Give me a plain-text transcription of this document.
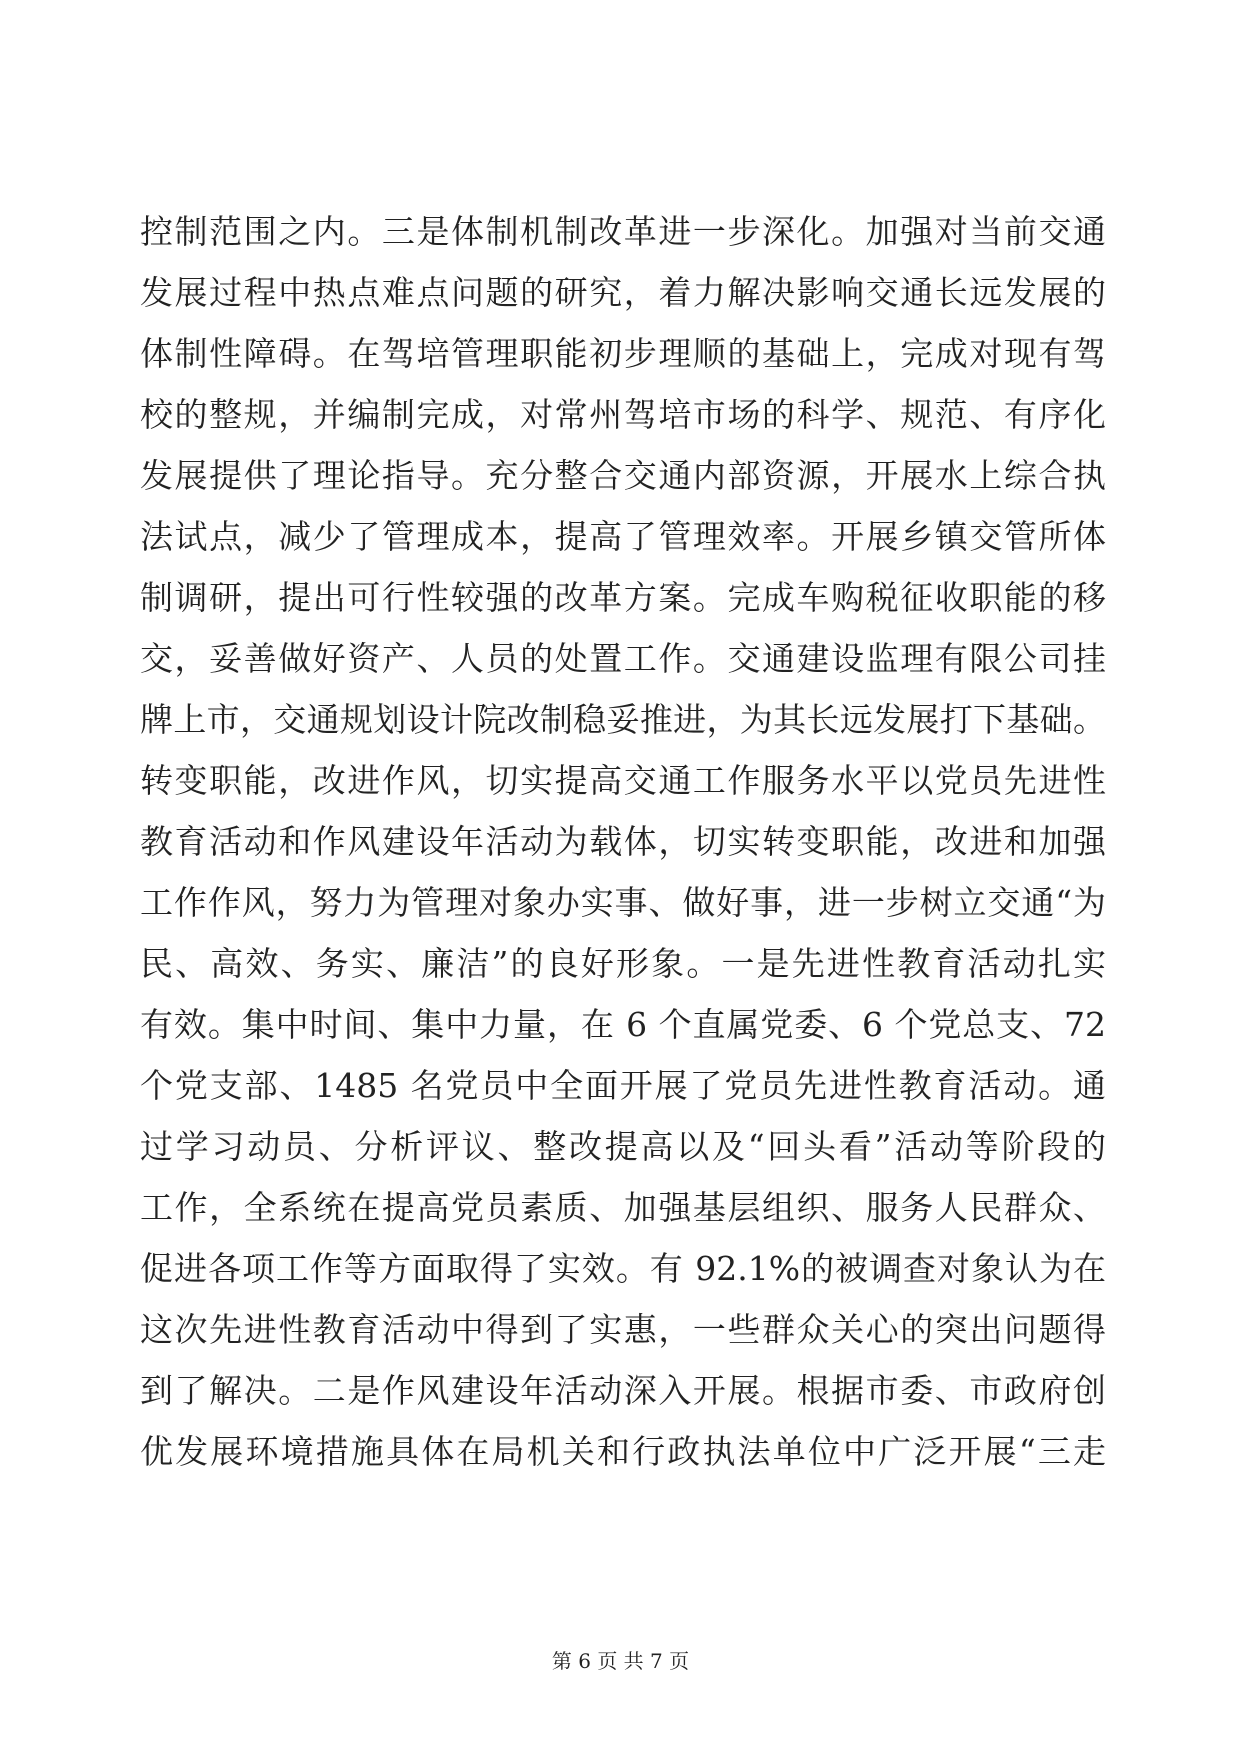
控制范围之内。三是体制机制改革进一步深化。加强对当前交通
发展过程中热点难点问题的研究，着力解决影响交通长远发展的
体制性障碍。在驾培管理职能初步理顺的基础上，完成对现有驾
校的整规，并编制完成，对常州驾培市场的科学、规范、有序化
发展提供了理论指导。充分整合交通内部资源，开展水上综合执
法试点，减少了管理成本，提高了管理效率。开展乡镇交管所体
制调研，提出可行性较强的改革方案。完成车购税征收职能的移
交，妥善做好资产、人员的处置工作。交通建设监理有限公司挂
牌上市，交通规划设计院改制稳妥推进，为其长远发展打下基础。
转变职能，改进作风，切实提高交通工作服务水平以党员先进性
教育活动和作风建设年活动为载体，切实转变职能，改进和加强
工作作风，努力为管理对象办实事、做好事，进一步树立交通“为
民、高效、务实、廉洁”的良好形象。一是先进性教育活动扎实
有效。集中时间、集中力量，在 6 个直属党委、6 个党总支、72
个党支部、1485 名党员中全面开展了党员先进性教育活动。通
过学习动员、分析评议、整改提高以及“回头看”活动等阶段的
工作，全系统在提高党员素质、加强基层组织、服务人民群众、
促进各项工作等方面取得了实效。有 92.1%的被调查对象认为在
这次先进性教育活动中得到了实惠，一些群众关心的突出问题得
到了解决。二是作风建设年活动深入开展。根据市委、市政府创
优发展环境措施具体在局机关和行政执法单位中广泛开展“三走
第 6 页 共 7 页
